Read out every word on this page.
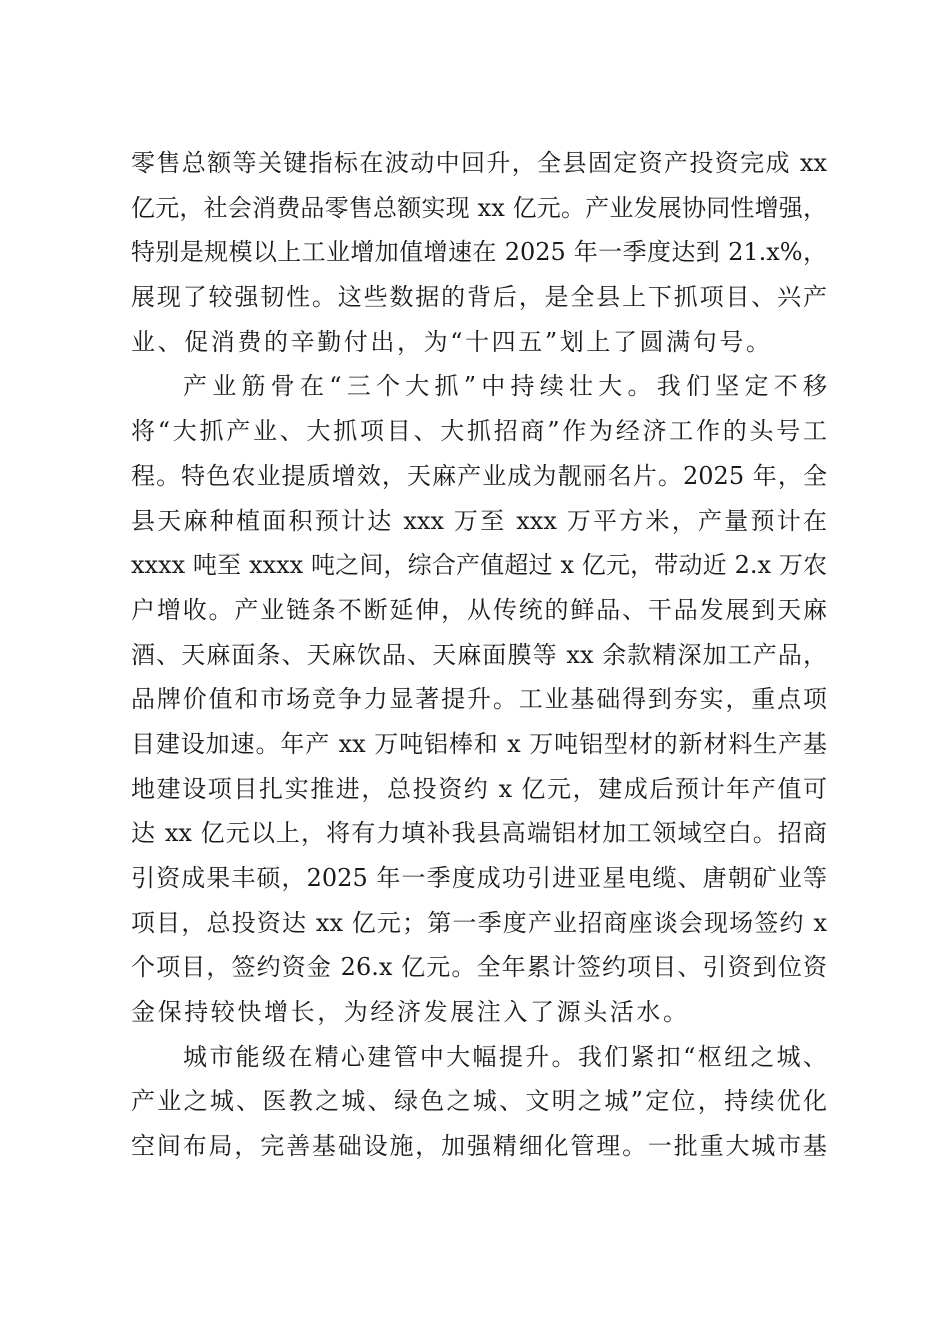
零售总额等关键指标在波动中回升，全县固定资产投资完成 xx
亿元，社会消费品零售总额实现 xx 亿元。产业发展协同性增强，
特别是规模以上工业增加值增速在 2025 年一季度达到 21.x%，
展现了较强韧性。这些数据的背后，是全县上下抓项目、兴产
业、促消费的辛勤付出，为“十四五”划上了圆满句号。
产业筋骨在“三个大抓”中持续壮大。我们坚定不移
将“大抓产业、大抓项目、大抓招商”作为经济工作的头号工
程。特色农业提质增效，天麻产业成为靓丽名片。2025 年，全
县天麻种植面积预计达 xxx 万至 xxx 万平方米，产量预计在
xxxx 吨至 xxxx 吨之间，综合产值超过 x 亿元，带动近 2.x 万农
户增收。产业链条不断延伸，从传统的鲜品、干品发展到天麻
酒、天麻面条、天麻饮品、天麻面膜等 xx 余款精深加工产品，
品牌价值和市场竞争力显著提升。工业基础得到夯实，重点项
目建设加速。年产 xx 万吨铝棒和 x 万吨铝型材的新材料生产基
地建设项目扎实推进，总投资约 x 亿元，建成后预计年产值可
达 xx 亿元以上，将有力填补我县高端铝材加工领域空白。招商
引资成果丰硕，2025 年一季度成功引进亚星电缆、唐朝矿业等
项目，总投资达 xx 亿元；第一季度产业招商座谈会现场签约 x
个项目，签约资金 26.x 亿元。全年累计签约项目、引资到位资
金保持较快增长，为经济发展注入了源头活水。
城市能级在精心建管中大幅提升。我们紧扣“枢纽之城、
产业之城、医教之城、绿色之城、文明之城”定位，持续优化
空间布局，完善基础设施，加强精细化管理。一批重大城市基
